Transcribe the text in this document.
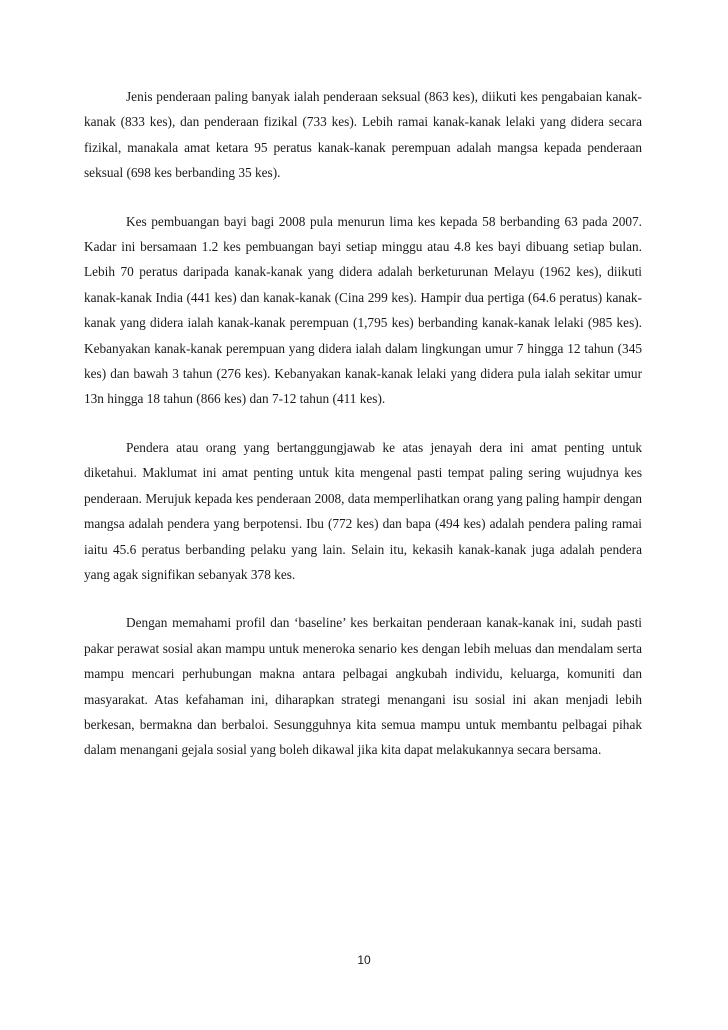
Jenis penderaan paling banyak ialah penderaan seksual (863 kes), diikuti kes pengabaian kanak-kanak (833 kes), dan penderaan fizikal (733 kes). Lebih ramai kanak-kanak lelaki yang didera secara fizikal, manakala amat ketara 95 peratus kanak-kanak perempuan adalah mangsa kepada penderaan seksual (698 kes berbanding 35 kes).

Kes pembuangan bayi bagi 2008 pula menurun lima kes kepada 58 berbanding 63 pada 2007. Kadar ini bersamaan 1.2 kes pembuangan bayi setiap minggu atau 4.8 kes bayi dibuang setiap bulan. Lebih 70 peratus daripada kanak-kanak yang didera adalah berketurunan Melayu (1962 kes), diikuti kanak-kanak India (441 kes) dan kanak-kanak (Cina 299 kes). Hampir dua pertiga (64.6 peratus) kanak-kanak yang didera ialah kanak-kanak perempuan (1,795 kes) berbanding kanak-kanak lelaki (985 kes). Kebanyakan kanak-kanak perempuan yang didera ialah dalam lingkungan umur 7 hingga 12 tahun (345 kes) dan bawah 3 tahun (276 kes). Kebanyakan kanak-kanak lelaki yang didera pula ialah sekitar umur 13n hingga 18 tahun (866 kes) dan 7-12 tahun (411 kes).

Pendera atau orang yang bertanggungjawab ke atas jenayah dera ini amat penting untuk diketahui. Maklumat ini amat penting untuk kita mengenal pasti tempat paling sering wujudnya kes penderaan. Merujuk kepada kes penderaan 2008, data memperlihatkan orang yang paling hampir dengan mangsa adalah pendera yang berpotensi. Ibu (772 kes) dan bapa (494 kes) adalah pendera paling ramai iaitu 45.6 peratus berbanding pelaku yang lain. Selain itu, kekasih kanak-kanak juga adalah pendera yang agak signifikan sebanyak 378 kes.

Dengan memahami profil dan ‘baseline’ kes berkaitan penderaan kanak-kanak ini, sudah pasti pakar perawat sosial akan mampu untuk meneroka senario kes dengan lebih meluas dan mendalam serta mampu mencari perhubungan makna antara pelbagai angkubah individu, keluarga, komuniti dan masyarakat. Atas kefahaman ini, diharapkan strategi menangani isu sosial ini akan menjadi lebih berkesan, bermakna dan berbaloi. Sesungguhnya kita semua mampu untuk membantu pelbagai pihak dalam menangani gejala sosial yang boleh dikawal jika kita dapat melakukannya secara bersama.

10
